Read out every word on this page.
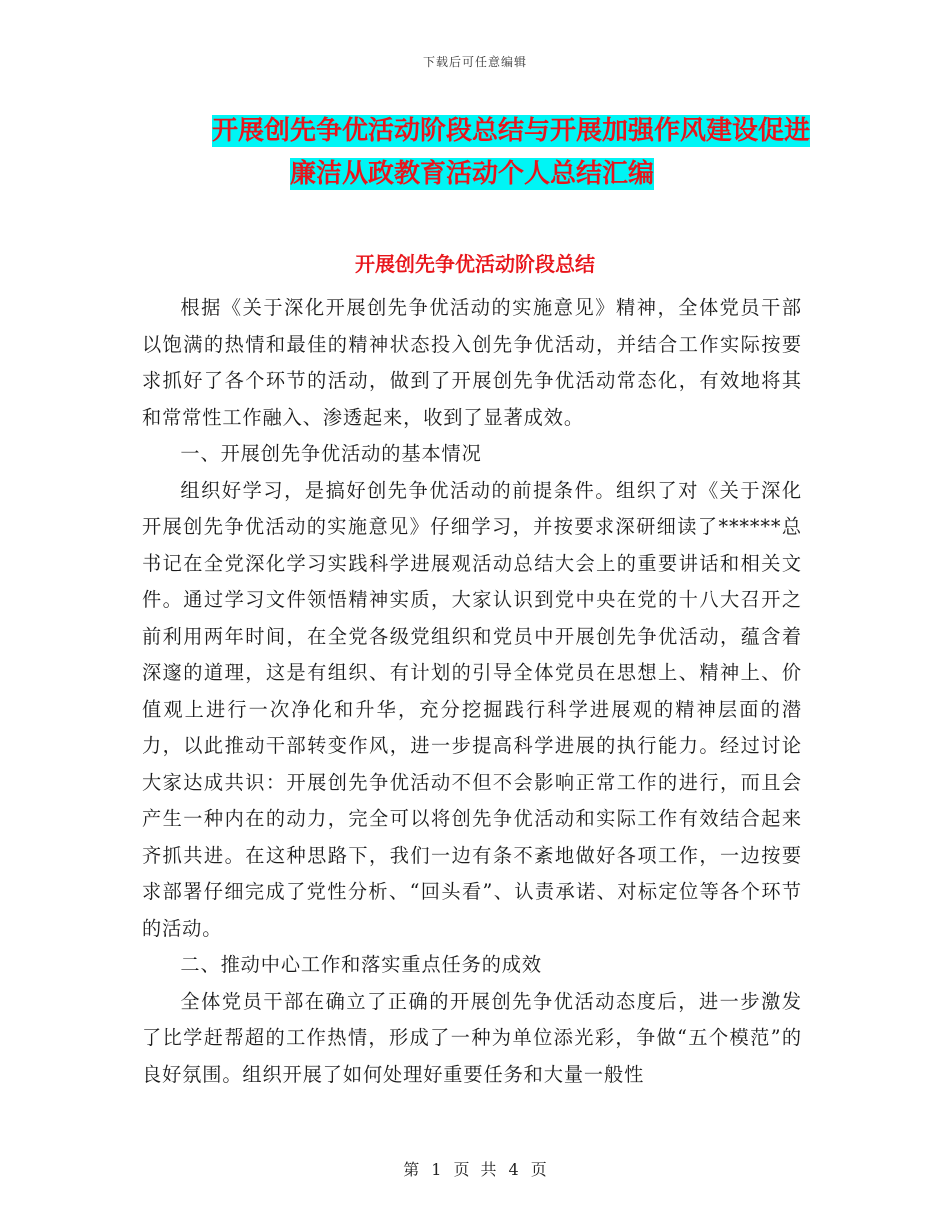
下载后可任意编辑
开展创先争优活动阶段总结与开展加强作风建设促进
廉洁从政教育活动个人总结汇编
开展创先争优活动阶段总结

根据《关于深化开展创先争优活动的实施意见》精神，全体党员干部以饱满的热情和最佳的精神状态投入创先争优活动，并结合工作实际按要求抓好了各个环节的活动，做到了开展创先争优活动常态化，有效地将其和常常性工作融入、渗透起来，收到了显著成效。

一、开展创先争优活动的基本情况

组织好学习，是搞好创先争优活动的前提条件。组织了对《关于深化开展创先争优活动的实施意见》仔细学习，并按要求深研细读了******总书记在全党深化学习实践科学进展观活动总结大会上的重要讲话和相关文件。通过学习文件领悟精神实质，大家认识到党中央在党的十八大召开之前利用两年时间，在全党各级党组织和党员中开展创先争优活动，蕴含着深邃的道理，这是有组织、有计划的引导全体党员在思想上、精神上、价值观上进行一次净化和升华，充分挖掘践行科学进展观的精神层面的潜力，以此推动干部转变作风，进一步提高科学进展的执行能力。经过讨论大家达成共识：开展创先争优活动不但不会影响正常工作的进行，而且会产生一种内在的动力，完全可以将创先争优活动和实际工作有效结合起来齐抓共进。在这种思路下，我们一边有条不紊地做好各项工作，一边按要求部署仔细完成了党性分析、“回头看”、认责承诺、对标定位等各个环节的活动。

二、推动中心工作和落实重点任务的成效

全体党员干部在确立了正确的开展创先争优活动态度后，进一步激发了比学赶帮超的工作热情，形成了一种为单位添光彩，争做“五个模范”的良好氛围。组织开展了如何处理好重要任务和大量一般性

第 1 页 共 4 页
